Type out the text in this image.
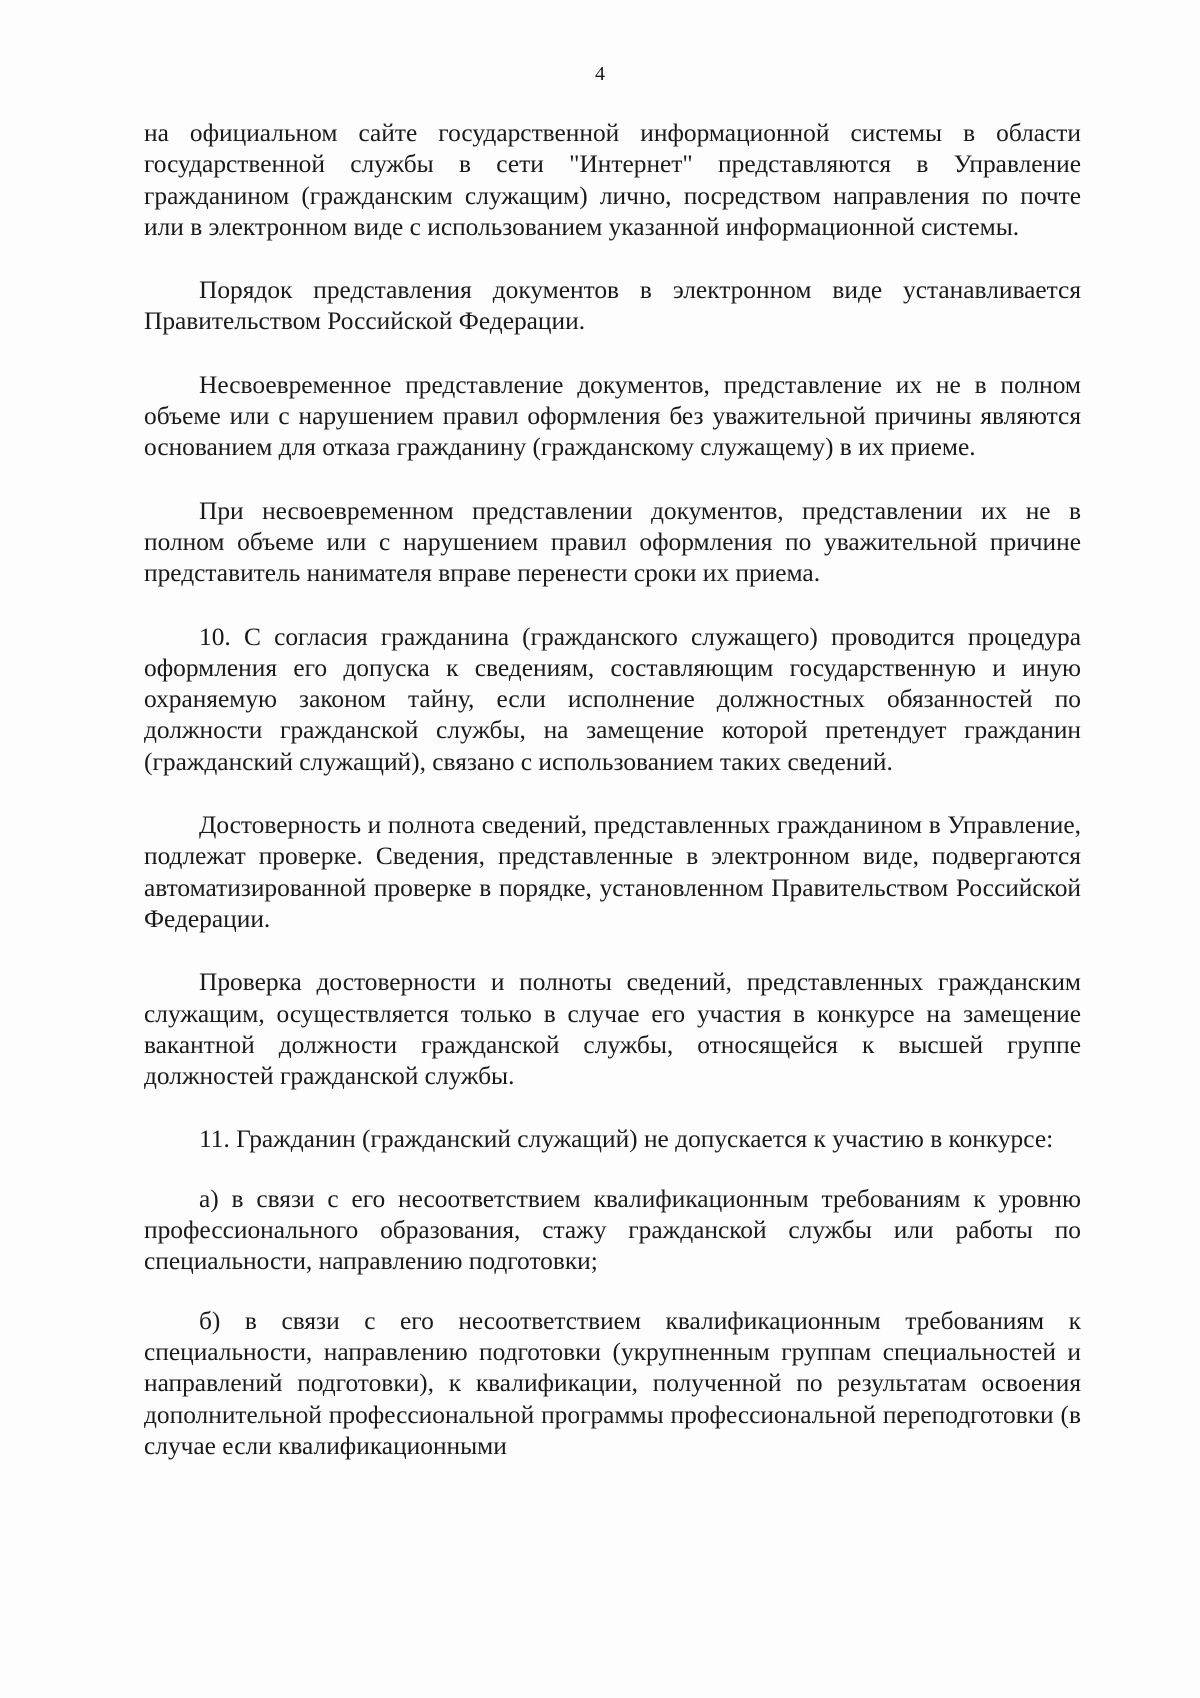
4

на официальном сайте государственной информационной системы в области государственной службы в сети "Интернет" представляются в Управление гражданином (гражданским служащим) лично, посредством направления по почте или в электронном виде с использованием указанной информационной системы.

Порядок представления документов в электронном виде устанавливается Правительством Российской Федерации.

Несвоевременное представление документов, представление их не в полном объеме или с нарушением правил оформления без уважительной причины являются основанием для отказа гражданину (гражданскому служащему) в их приеме.

При несвоевременном представлении документов, представлении их не в полном объеме или с нарушением правил оформления по уважительной причине представитель нанимателя вправе перенести сроки их приема.

10. С согласия гражданина (гражданского служащего) проводится процедура оформления его допуска к сведениям, составляющим государственную и иную охраняемую законом тайну, если исполнение должностных обязанностей по должности гражданской службы, на замещение которой претендует гражданин (гражданский служащий), связано с использованием таких сведений.

Достоверность и полнота сведений, представленных гражданином в Управление, подлежат проверке. Сведения, представленные в электронном виде, подвергаются автоматизированной проверке в порядке, установленном Правительством Российской Федерации.

Проверка достоверности и полноты сведений, представленных гражданским служащим, осуществляется только в случае его участия в конкурсе на замещение вакантной должности гражданской службы, относящейся к высшей группе должностей гражданской службы.

11. Гражданин (гражданский служащий) не допускается к участию в конкурсе:

а) в связи с его несоответствием квалификационным требованиям к уровню профессионального образования, стажу гражданской службы или работы по специальности, направлению подготовки;

б) в связи с его несоответствием квалификационным требованиям к специальности, направлению подготовки (укрупненным группам специальностей и направлений подготовки), к квалификации, полученной по результатам освоения дополнительной профессиональной программы профессиональной переподготовки (в случае если квалификационными
